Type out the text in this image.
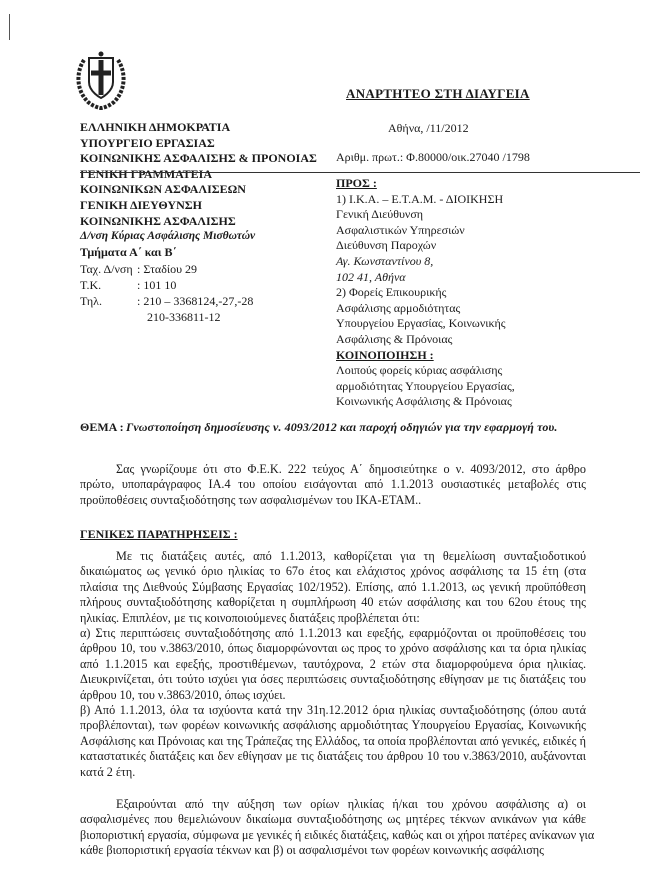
ΑΝΑΡΤΗΤΕΟ ΣΤΗ ΔΙΑΥΓΕΙΑ
ΕΛΛΗΝΙΚΗ ΔΗΜΟΚΡΑΤΙΑ
ΥΠΟΥΡΓΕΙΟ ΕΡΓΑΣΙΑΣ
ΚΟΙΝΩΝΙΚΗΣ ΑΣΦΑΛΙΣΗΣ & ΠΡΟΝΟΙΑΣ
ΓΕΝΙΚΗ ΓΡΑΜΜΑΤΕΙΑ
ΚΟΙΝΩΝΙΚΩΝ ΑΣΦΑΛΙΣΕΩΝ
ΓΕΝΙΚΗ ΔΙΕΥΘΥΝΣΗ
ΚΟΙΝΩΝΙΚΗΣ ΑΣΦΑΛΙΣΗΣ
Δ/νση Κύριας Ασφάλισης Μισθωτών
Τμήματα Α΄ και Β΄
Ταχ. Δ/νση : Σταδίου 29
Τ.Κ.	: 101 10
Τηλ.	: 210 – 3368124,-27,-28
210-336811-12
Αθήνα, /11/2012
Αριθμ. πρωτ.: Φ.80000/οικ.27040 /1798
ΠΡΟΣ :
1) Ι.Κ.Α. – Ε.Τ.Α.Μ. - ΔΙΟΙΚΗΣΗ
Γενική Διεύθυνση
Ασφαλιστικών Υπηρεσιών
Διεύθυνση Παροχών
Αγ. Κωνσταντίνου 8,
102 41, Αθήνα
2) Φορείς Επικουρικής
Ασφάλισης αρμοδιότητας
Υπουργείου Εργασίας, Κοινωνικής
Ασφάλισης & Πρόνοιας
ΚΟΙΝΟΠΟΙΗΣΗ :
Λοιπούς φορείς κύριας ασφάλισης
αρμοδιότητας Υπουργείου Εργασίας,
Κοινωνικής Ασφάλισης & Πρόνοιας
ΘΕΜΑ : Γνωστοποίηση δημοσίευσης ν. 4093/2012 και παροχή οδηγιών για την εφαρμογή του.
Σας γνωρίζουμε ότι στο Φ.Ε.Κ. 222 τεύχος Α΄ δημοσιεύτηκε ο ν. 4093/2012, στο άρθρο
πρώτο, υποπαράγραφος ΙΑ.4 του οποίου εισάγονται από 1.1.2013 ουσιαστικές μεταβολές στις
προϋποθέσεις συνταξιοδότησης των ασφαλισμένων του ΙΚΑ-ΕΤΑΜ..
ΓΕΝΙΚΕΣ ΠΑΡΑΤΗΡΗΣΕΙΣ :
Με τις διατάξεις αυτές, από 1.1.2013, καθορίζεται για τη θεμελίωση συνταξιοδοτικού
δικαιώματος ως γενικό όριο ηλικίας το 67ο έτος και ελάχιστος χρόνος ασφάλισης τα 15 έτη (στα
πλαίσια της Διεθνούς Σύμβασης Εργασίας 102/1952). Επίσης, από 1.1.2013, ως γενική προϋπόθεση
πλήρους συνταξιοδότησης καθορίζεται η συμπλήρωση 40 ετών ασφάλισης και του 62ου έτους της
ηλικίας. Επιπλέον, με τις κοινοποιούμενες διατάξεις προβλέπεται ότι:
α) Στις περιπτώσεις συνταξιοδότησης από 1.1.2013 και εφεξής, εφαρμόζονται οι προϋποθέσεις του
άρθρου 10, του ν.3863/2010, όπως διαμορφώνονται ως προς το χρόνο ασφάλισης και τα όρια ηλικίας
από 1.1.2015 και εφεξής, προστιθέμενων, ταυτόχρονα, 2 ετών στα διαμορφούμενα όρια ηλικίας.
Διευκρινίζεται, ότι τούτο ισχύει για όσες περιπτώσεις συνταξιοδότησης εθίγησαν με τις διατάξεις του
άρθρου 10, του ν.3863/2010, όπως ισχύει.
β) Από 1.1.2013, όλα τα ισχύοντα κατά την 31η.12.2012 όρια ηλικίας συνταξιοδότησης (όπου αυτά
προβλέπονται), των φορέων κοινωνικής ασφάλισης αρμοδιότητας Υπουργείου Εργασίας, Κοινωνικής
Ασφάλισης και Πρόνοιας και της Τράπεζας της Ελλάδος, τα οποία προβλέπονται από γενικές, ειδικές ή
καταστατικές διατάξεις και δεν εθίγησαν με τις διατάξεις του άρθρου 10 του ν.3863/2010, αυξάνονται
κατά 2 έτη.
Εξαιρούνται από την αύξηση των ορίων ηλικίας ή/και του χρόνου ασφάλισης α) οι
ασφαλισμένες που θεμελιώνουν δικαίωμα συνταξιοδότησης ως μητέρες τέκνων ανικάνων για κάθε
βιοποριστική εργασία, σύμφωνα με γενικές ή ειδικές διατάξεις, καθώς και οι χήροι πατέρες ανίκανων για
κάθε βιοποριστική εργασία τέκνων και β) οι ασφαλισμένοι των φορέων κοινωνικής ασφάλισης
